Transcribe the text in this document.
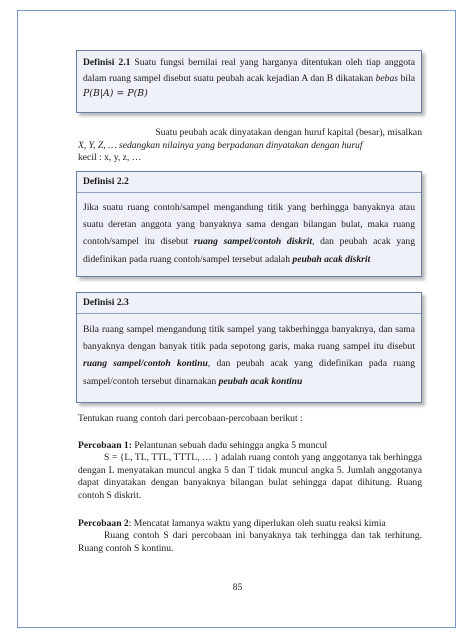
Definisi 2.1 Suatu fungsi bernilai real yang harganya ditentukan oleh tiap anggota dalam ruang sampel disebut suatu peubah acak kejadian A dan B dikatakan bebas bila P(B|A) = P(B)
Suatu peubah acak dinyatakan dengan huruf kapital (besar), misalkan
X, Y, Z, … sedangkan nilainya yang berpadanan dinyatakan dengan huruf
kecil : x, y, z, …
Definisi 2.2
Jika suatu ruang contoh/sampel mengandung titik yang berhingga banyaknya atau suatu deretan anggota yang banyaknya sama dengan bilangan bulat, maka ruang contoh/sampel itu disebut ruang sampel/contoh diskrit, dan peubah acak yang didefinikan pada ruang contoh/sampel tersebut adalah peubah acak diskrit
Definisi 2.3
Bila ruang sampel mengandung titik sampel yang takberhingga banyaknya, dan sama banyaknya dengan banyak titik pada sepotong garis, maka ruang sampel itu disebut ruang sampel/contoh kontinu, dan peubah acak yang didefinikan pada ruang sampel/contoh tersebut dinamakan peubah acak kontinu
Tentukan ruang contoh dari percobaan-percobaan berikut :
Percobaan 1: Pelantunan sebuah dadu sehingga angka 5 muncul
S = {L, TL, TTL, TTTL, … } adalah ruang contoh yang anggotanya tak berhingga dengan L menyatakan muncul angka 5 dan T tidak muncul angka 5. Jumlah anggotanya dapat dinyatakan dengan banyaknya bilangan bulat sehingga dapat dihitung. Ruang contoh S diskrit.
Percobaan 2: Mencatat lamanya waktu yang diperlukan oleh suatu reaksi kimia
Ruang contoh S dari percobaan ini banyaknya tak terhingga dan tak terhitung. Ruang contoh S kontinu.
85
